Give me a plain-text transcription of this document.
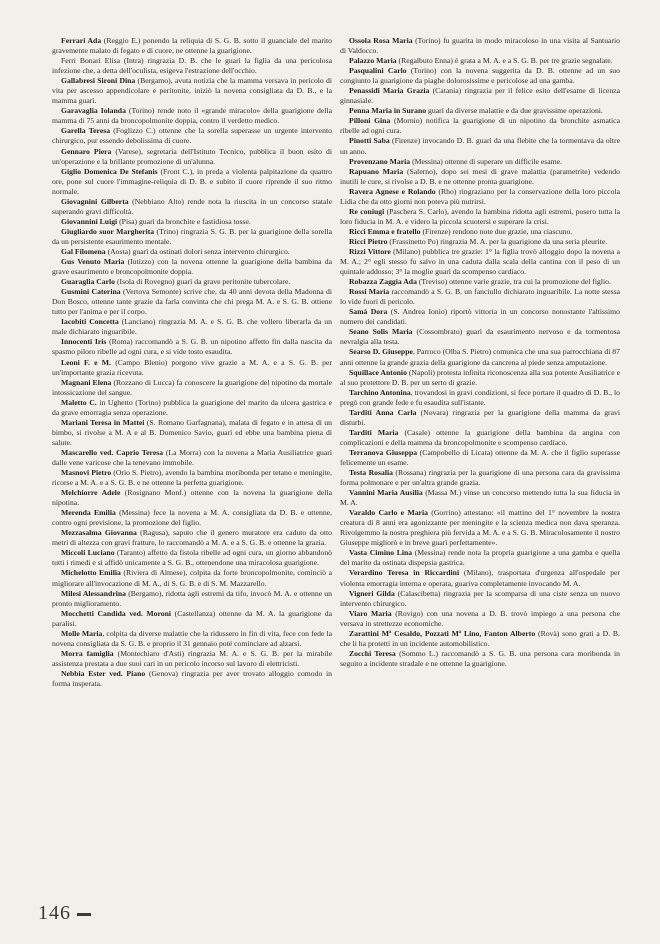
Ferrari Ada (Reggio E.) ponendo la reliquia di S. G. B. sotto il guanciale del marito gravemente malato di fegato e di cuore, ne ottenne la guarigione.

Ferri Bonari Elisa (Intra) ringrazia D. B. che le guarì la figlia da una pericolosa infezione che, a detta dell'oculista, esigeva l'estrazione dell'occhio.

Gallabresi Sironi Dina (Bergamo), avuta notizia che la mamma versava in pericolo di vita per ascesso appendicolare e peritonite, iniziò la novena consigliata da D. B., e la mamma guarì.

Garavaglia Iolanda (Torino) rende noto il «grande miracolo» della guarigione della mamma di 75 anni da broncopolmonite doppia, contro il verdetto medico.

Garella Teresa (Foglizzo C.) ottenne che la sorella superasse un urgente intervento chirurgico, pur essendo debolissima di cuore.

Gennaro Piera (Varese), segretaria dell'Istituto Tecnico, pubblica il buon esito di un'operazione e la brillante promozione di un'alunna.

Giglio Domenica De Stefanis (Front C.), in preda a violenta palpitazione da quattro ore, pone sul cuore l'immagine-reliquia di D. B. e subito il cuore riprende il suo ritmo normale.

Giovagnini Gilberta (Nebbiano Alto) rende nota la riuscita in un concorso statale superando gravi difficoltà.

Giovannini Luigi (Pisa) guarì da bronchite e fastidiosa tosse.

Giugliardo suor Margherita (Trino) ringrazia S. G. B. per la guarigione della sorella da un persistente esaurimento mentale.

Gal Filomena (Aosta) guarì da ostinati dolori senza intervento chirurgico.

Gus Venuto Maria (Iutizzo) con la novena ottenne la guarigione della bambina da grave esaurimento e broncopolmonite doppia.

Guaraglia Carlo (Isola di Rovegno) guarì da grave peritonite tubercolare.

Gusmini Caterina (Vertova Semonte) scrive che, da 40 anni devota della Madonna di Don Bosco, ottenne tante grazie da farla convinta che chi prega M. A. e S. G. B. ottiene tutto per l'anima e per il corpo.

Iacobiti Concetta (Lanciano) ringrazia M. A. e S. G. B. che vollero liberarla da un male dichiarato inguaribile.

Innocenti Iris (Roma) raccomandò a S. G. B. un nipotino affetto fin dalla nascita da spasmo piloro ribelle ad ogni cura, e si vide tosto esaudita.

Leoni F. e M. (Campo Blenio) porgono vive grazie a M. A. e a S. G. B. per un'importante grazia ricevuta.

Magnani Elena (Rozzano di Lucca) fa conoscere la guarigione del nipotino da mortale intossicazione del sangue.

Maletto C. in Ughetto (Torino) pubblica la guarigione del marito da ulcera gastrica e da grave emorragia senza operazione.

Mariani Teresa in Mattei (S. Romano Garfagnana), malata di fegato e in attesa di un bimbo, si rivolse a M. A e al B. Domenico Savio, guarì ed ebbe una bambina piena di salute.

Mascarello ved. Caprio Teresa (La Morra) con la novena a Maria Ausiliatrice guarì dalle vene varicose che la tenevano immobile.

Masnovi Pietro (Orio S. Pietro), avendo la bambina moribonda per tetano e meningite, ricorse a M. A. e a S. G. B. e ne ottenne la perfetta guarigione.

Melchiorre Adele (Rosignano Monf.) ottenne con la novena la guarigione della nipotina.

Merenda Emilia (Messina) fece la novena a M. A. consigliata da D. B. e ottenne, contro ogni previsione, la promozione del figlio.

Mezzasalma Giovanna (Ragusa), saputo che il genero muratore era caduto da otto metri di altezza con gravi fratture, lo raccomandò a M. A. e a S. G. B. e ottenne la grazia.

Miccoli Luciano (Taranto) affetto da fistola ribelle ad ogni cura, un giorno abbandonò tutti i rimedi e si affidò unicamente a S. G. B., ottenendone una miracolosa guarigione.

Michelotto Emilia (Riviera di Almese), colpita da forte broncopolmonite, cominciò a migliorare all'invocazione di M. A., di S. G. B. e di S. M. Mazzarello.

Milesi Alessandrina (Bergamo), ridotta agli estremi da tifo, invocò M. A. e ottenne un pronto miglioramento.

Mocchetti Candida ved. Moroni (Castellanza) ottenne da M. A. la guarigione da paralisi.

Molle Maria, colpita da diverse malattie che la ridussero in fin di vita, fece con fede la novena consigliata da S. G. B. e proprio il 31 gennaio poté cominciare ad alzarsi.

Morra famiglia (Montechiaro d'Asti) ringrazia M. A. e S. G. B. per la mirabile assistenza prestata a due suoi cari in un pericolo incorso sul lavoro di elettricisti.

Nebbia Ester ved. Piano (Genova) ringrazia per aver trovato alloggio comodo in forma insperata.

Ossola Rosa Maria (Torino) fu guarita in modo miracoloso in una visita al Santuario di Valdocco.

Palazzo Maria (Regalbuto Enna) è grata a M. A. e a S. G. B. per tre grazie segnalate.

Pasqualini Carlo (Torino) con la novena suggerita da D. B. ottenne ad un suo congiunto la guarigione da piaghe dolorosissime e pericolose ad una gamba.

Penassidi Maria Grazia (Catania) ringrazia per il felice esito dell'esame di licenza ginnasiale.

Penna Maria in Surano guarì da diverse malattie e da due gravissime operazioni.

Pilloni Gina (Mornio) notifica la guarigione di un nipotino da bronchite asmatica ribelle ad ogni cura.

Pinotti Saba (Firenze) invocando D. B. guarì da una flebite che la tormentava da oltre un anno.

Provenzano Maria (Messina) ottenne di superare un difficile esame.

Rapuano Maria (Salerno), dopo sei mesi di grave malattia (parametrite) vedendo inutili le cure, si rivolse a D. B. e ne ottenne pronta guarigione.

Ravera Agnese e Rolando (Rho) ringraziano per la conservazione della loro piccola Lidia che da otto giorni non poteva più nutrirsi.

Re coniugi (Paschera S. Carlo), avendo la bambina ridotta agli estremi, posero tutta la loro fiducia in M. A. e videro la piccola scuotersi e superare la crisi.

Ricci Emma e fratello (Firenze) rendono note due grazie, una ciascuno.

Ricci Pietro (Frassinetto Po) ringrazia M. A. per la guarigione da una seria pleurite.

Rizzi Vittore (Milano) pubblica tre grazie: 1° la figlia trovò alloggio dopo la novena a M. A.; 2° egli stesso fu salvo in una caduta dalla scala della cantina con il peso di un quintale addosso; 3° la moglie guarì da scompenso cardiaco.

Robazza Zaggia Ada (Treviso) ottenne varie grazie, tra cui la promozione del figlio.

Rossi Maria raccomandò a S. G. B. un fanciullo dichiarato inguaribile. La notte stessa lo vide fuori di pericolo.

Samà Dora (S. Andrea Ionio) riportò vittoria in un concorso nonostante l'altissimo numero dei candidati.

Seano Solis Maria (Cossombrato) guarì da esaurimento nervoso e da tormentosa nevralgia alla testa.

Searso D. Giuseppe, Parroco (Olba S. Pietro) comunica che una sua parrocchiana di 87 anni ottenne la grande grazia della guarigione da cancrena al piede senza amputazione.

Squillace Antonio (Napoli) protesta infinita riconoscenza alla sua potente Ausiliatrice e al suo protettore D. B. per un serto di grazie.

Tarchino Antonina, trovandosi in gravi condizioni, si fece portare il quadro di D. B., lo pregò con grande fede e fu esaudita sull'istante.

Tarditi Anna Carla (Novara) ringrazia per la guarigione della mamma da gravi disturbi.

Tarditi Maria (Casale) ottenne la guarigione della bambina da angina con complicazioni e della mamma da broncopolmonite e scompenso cardiaco.

Terranova Giuseppa (Campobello di Licata) ottenne da M. A. che il figlio superasse felicemente un esame.

Testa Rosalia (Rossana) ringrazia per la guarigione di una persona cara da gravissima forma polmonare e per un'altra grande grazia.

Vannini Maria Ausilia (Massa M.) vinse un concorso mettendo tutta la sua fiducia in M. A.

Varaldo Carlo e Maria (Gorrino) attestano: «il mattino del 1° novembre la nostra creatura di 8 anni era agonizzante per meningite e la scienza medica non dava speranza. Rivolgemmo la nostra preghiera più fervida a M. A. e a S. G. B. Miracolosamente il nostro Giuseppe migliorò e in breve guarì perfettamente».

Vasta Cimino Lina (Messina) rende nota la propria guarigione a una gamba e quella del marito da ostinata dispepsia gastrica.

Verardino Teresa in Riccardini (Milano), trasportata d'urgenza all'ospedale per violenta emorragia interna e operata, guariva completamente invocando M. A.

Vigneri Gilda (Calascibetta) ringrazia per la scomparsa di una ciste senza un nuovo intervento chirurgico.

Viaro Maria (Rovigo) con una novena a D. B. trovò impiego a una persona che versava in strettezze economiche.

Zarattini Mª Cesaldo, Pozzati Mª Lino, Fanton Alberto (Rovà) sono grati a D. B. che li ha protetti in un incidente automobilistico.

Zocchi Teresa (Sommo L.) raccomandò a S. G. B. una persona cara moribonda in seguito a incidente stradale e ne ottenne la guarigione.

146
